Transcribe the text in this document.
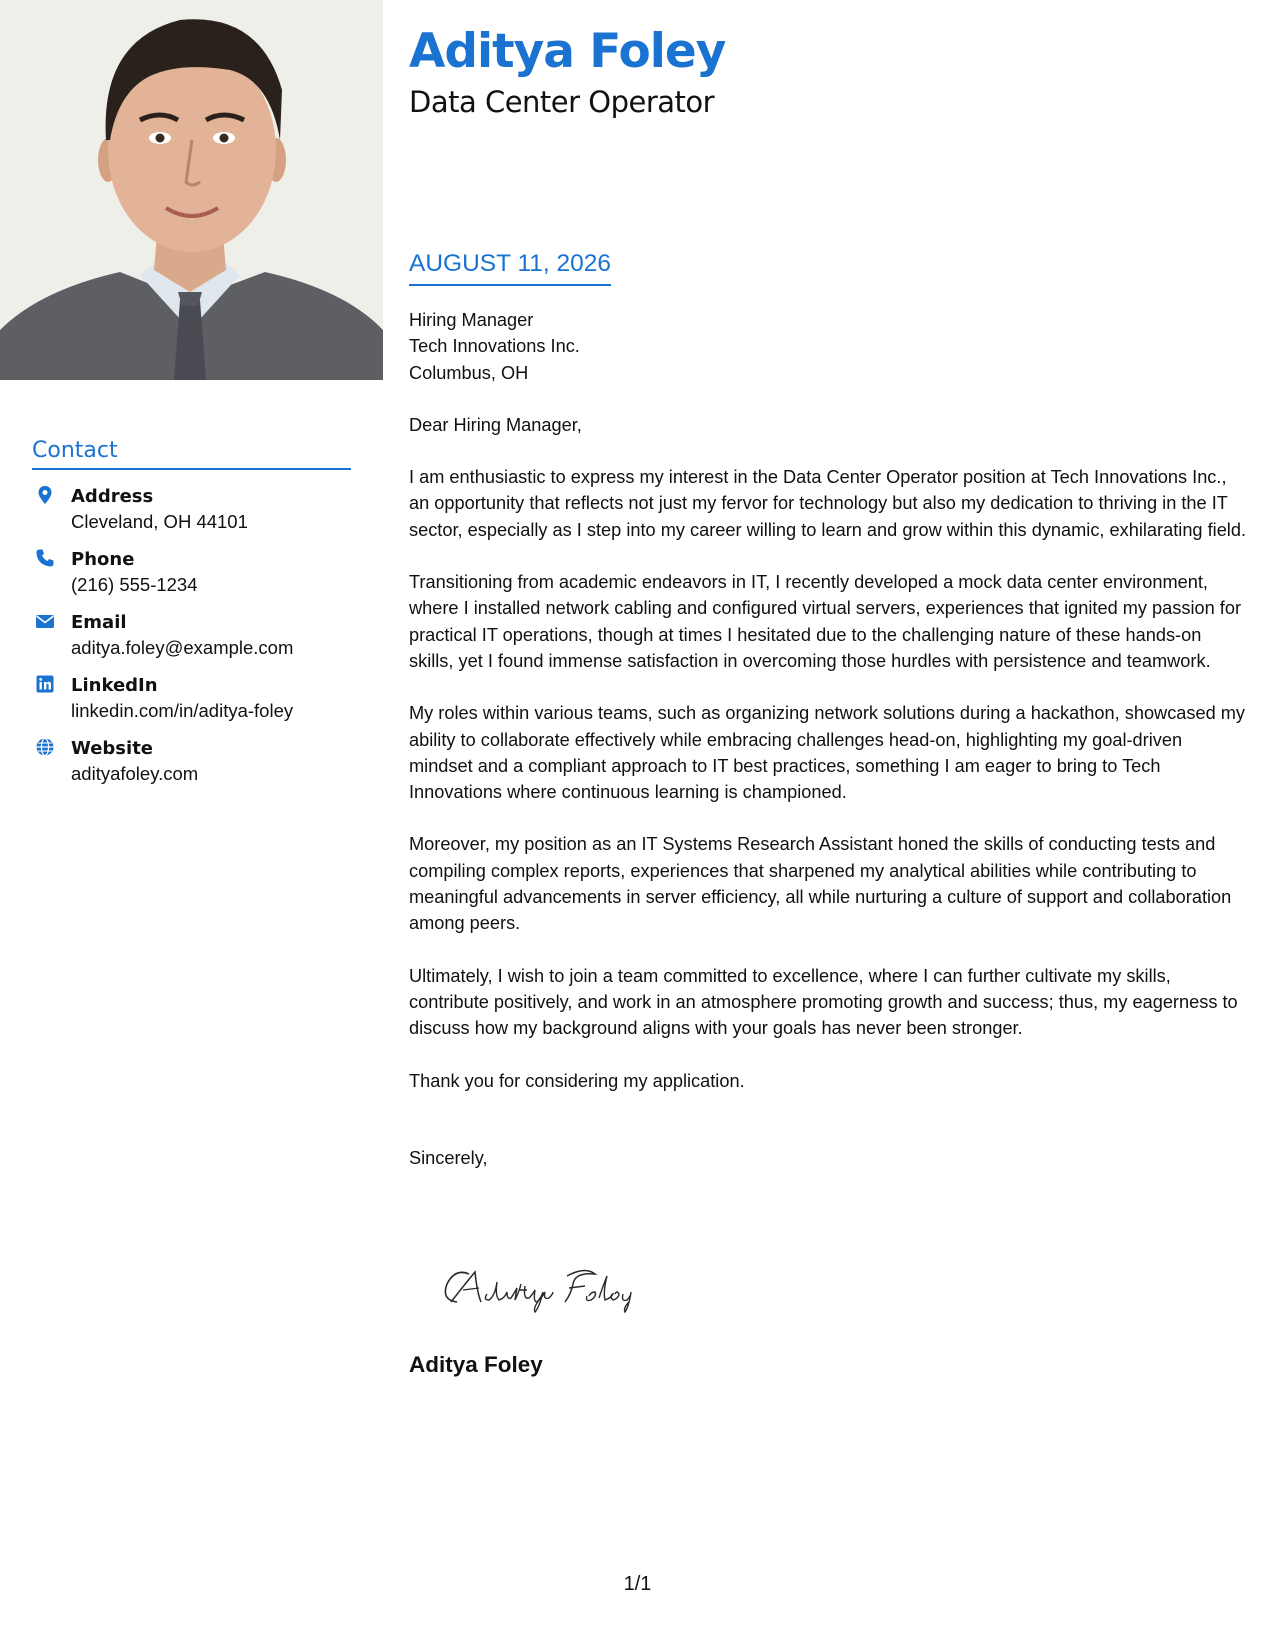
Contact
Address
Cleveland, OH 44101
Phone
(216) 555-1234
Email
aditya.foley@example.com
LinkedIn
linkedin.com/in/aditya-foley
Website
adityafoley.com
Aditya Foley
Data Center Operator
AUGUST 11, 2026
Hiring Manager
Tech Innovations Inc.
Columbus, OH
Dear Hiring Manager,
I am enthusiastic to express my interest in the Data Center Operator position at Tech Innovations Inc., an opportunity that reflects not just my fervor for technology but also my dedication to thriving in the IT sector, especially as I step into my career willing to learn and grow within this dynamic, exhilarating field.
Transitioning from academic endeavors in IT, I recently developed a mock data center environment, where I installed network cabling and configured virtual servers, experiences that ignited my passion for practical IT operations, though at times I hesitated due to the challenging nature of these hands-on skills, yet I found immense satisfaction in overcoming those hurdles with persistence and teamwork.
My roles within various teams, such as organizing network solutions during a hackathon, showcased my ability to collaborate effectively while embracing challenges head-on, highlighting my goal-driven mindset and a compliant approach to IT best practices, something I am eager to bring to Tech Innovations where continuous learning is championed.
Moreover, my position as an IT Systems Research Assistant honed the skills of conducting tests and compiling complex reports, experiences that sharpened my analytical abilities while contributing to meaningful advancements in server efficiency, all while nurturing a culture of support and collaboration among peers.
Ultimately, I wish to join a team committed to excellence, where I can further cultivate my skills, contribute positively, and work in an atmosphere promoting growth and success; thus, my eagerness to discuss how my background aligns with your goals has never been stronger.
Thank you for considering my application.
Sincerely,
Aditya Foley
1/1
